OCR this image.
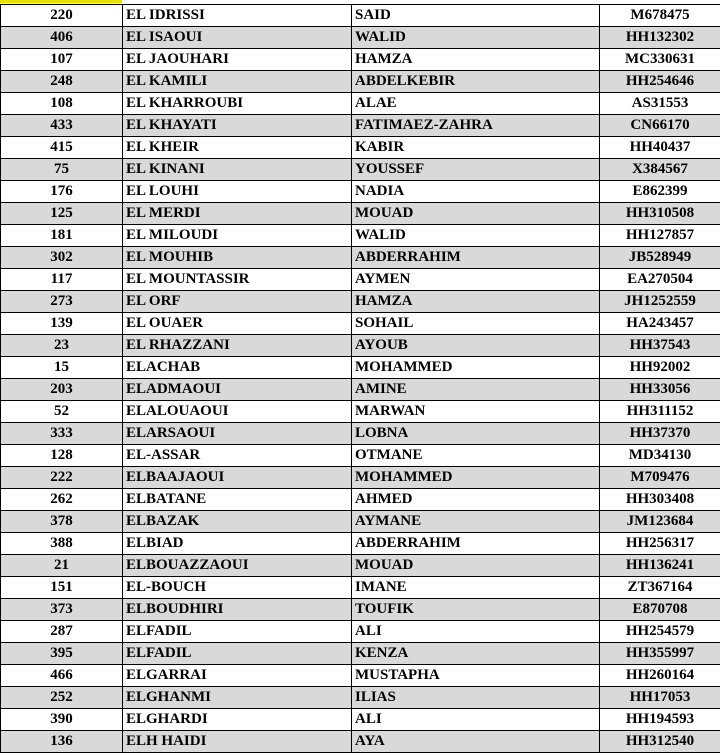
220	EL IDRISSI	SAID	M678475
406	EL ISAOUI	WALID	HH132302
107	EL JAOUHARI	HAMZA	MC330631
248	EL KAMILI	ABDELKEBIR	HH254646
108	EL KHARROUBI	ALAE	AS31553
433	EL KHAYATI	FATIMAEZ-ZAHRA	CN66170
415	EL KHEIR	KABIR	HH40437
75	EL KINANI	YOUSSEF	X384567
176	EL LOUHI	NADIA	E862399
125	EL MERDI	MOUAD	HH310508
181	EL MILOUDI	WALID	HH127857
302	EL MOUHIB	ABDERRAHIM	JB528949
117	EL MOUNTASSIR	AYMEN	EA270504
273	EL ORF	HAMZA	JH1252559
139	EL OUAER	SOHAIL	HA243457
23	EL RHAZZANI	AYOUB	HH37543
15	ELACHAB	MOHAMMED	HH92002
203	ELADMAOUI	AMINE	HH33056
52	ELALOUAOUI	MARWAN	HH311152
333	ELARSAOUI	LOBNA	HH37370
128	EL-ASSAR	OTMANE	MD34130
222	ELBAAJAOUI	MOHAMMED	M709476
262	ELBATANE	AHMED	HH303408
378	ELBAZAK	AYMANE	JM123684
388	ELBIAD	ABDERRAHIM	HH256317
21	ELBOUAZZAOUI	MOUAD	HH136241
151	EL-BOUCH	IMANE	ZT367164
373	ELBOUDHIRI	TOUFIK	E870708
287	ELFADIL	ALI	HH254579
395	ELFADIL	KENZA	HH355997
466	ELGARRAI	MUSTAPHA	HH260164
252	ELGHANMI	ILIAS	HH17053
390	ELGHARDI	ALI	HH194593
136	ELH HAIDI	AYA	HH312540
